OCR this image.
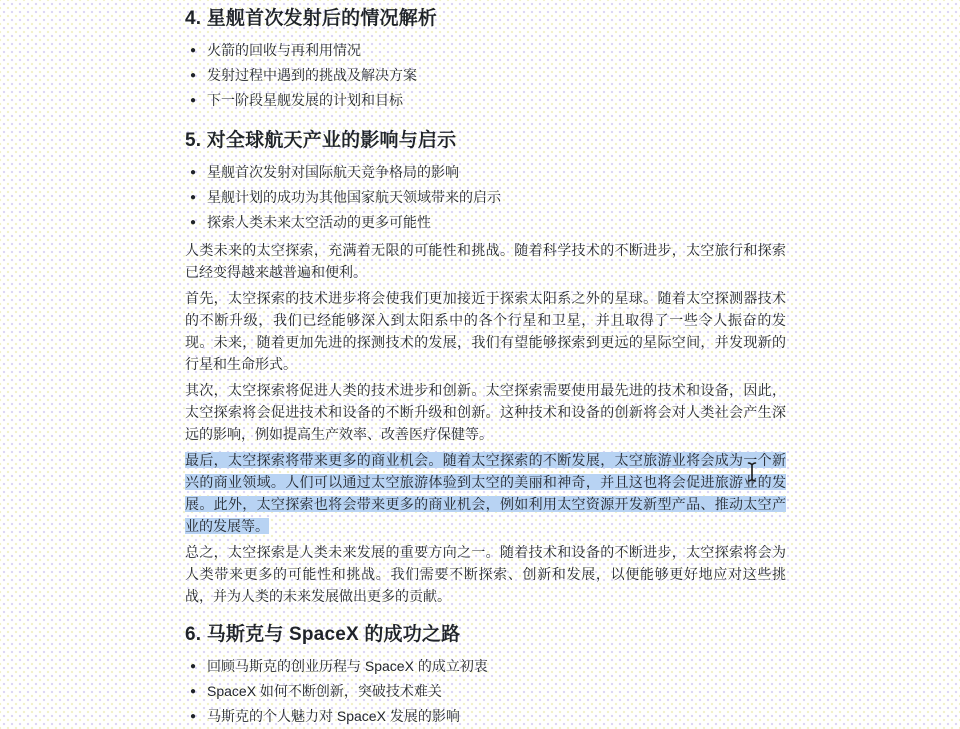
4. 星舰首次发射后的情况解析
● 火箭的回收与再利用情况
● 发射过程中遇到的挑战及解决方案
● 下一阶段星舰发展的计划和目标
5. 对全球航天产业的影响与启示
● 星舰首次发射对国际航天竞争格局的影响
● 星舰计划的成功为其他国家航天领域带来的启示
● 探索人类未来太空活动的更多可能性

人类未来的太空探索，充满着无限的可能性和挑战。随着科学技术的不断进步，太空旅行和探索已经变得越来越普遍和便利。

首先，太空探索的技术进步将会使我们更加接近于探索太阳系之外的星球。随着太空探测器技术的不断升级，我们已经能够深入到太阳系中的各个行星和卫星，并且取得了一些令人振奋的发现。未来，随着更加先进的探测技术的发展，我们有望能够探索到更远的星际空间，并发现新的行星和生命形式。

其次，太空探索将促进人类的技术进步和创新。太空探索需要使用最先进的技术和设备，因此，太空探索将会促进技术和设备的不断升级和创新。这种技术和设备的创新将会对人类社会产生深远的影响，例如提高生产效率、改善医疗保健等。

最后，太空探索将带来更多的商业机会。随着太空探索的不断发展，太空旅游业将会成为一个新兴的商业领域。人们可以通过太空旅游体验到太空的美丽和神奇，并且这也将会促进旅游业的发展。此外，太空探索也将会带来更多的商业机会，例如利用太空资源开发新型产品、推动太空产业的发展等。

总之，太空探索是人类未来发展的重要方向之一。随着技术和设备的不断进步，太空探索将会为人类带来更多的可能性和挑战。我们需要不断探索、创新和发展，以便能够更好地应对这些挑战，并为人类的未来发展做出更多的贡献。

6. 马斯克与 SpaceX 的成功之路
● 回顾马斯克的创业历程与 SpaceX 的成立初衷
● SpaceX 如何不断创新，突破技术难关
● 马斯克的个人魅力对 SpaceX 发展的影响
